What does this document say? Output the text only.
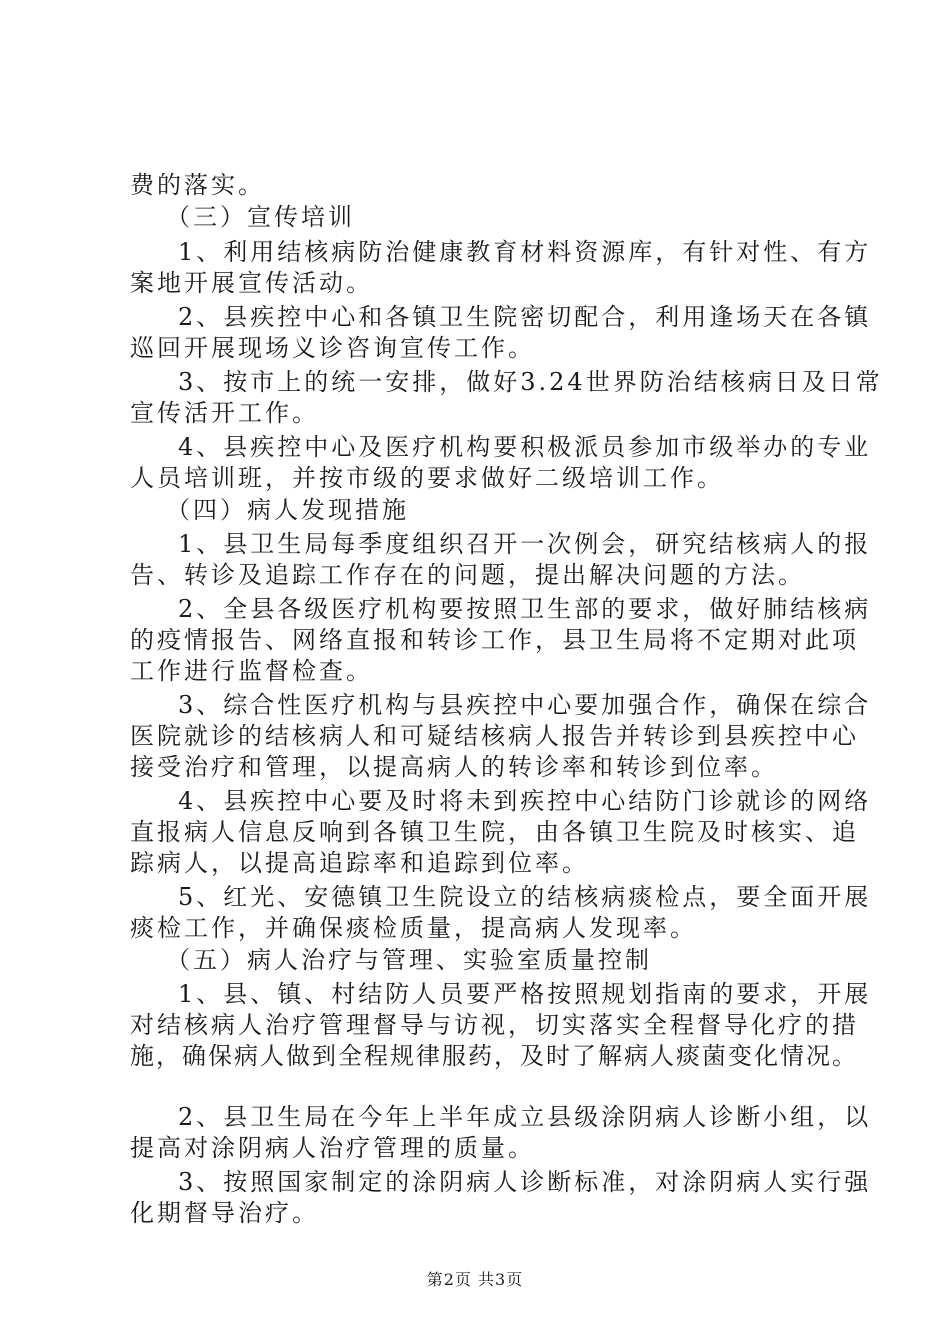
费的落实。
（三）宣传培训
1、利用结核病防治健康教育材料资源库，有针对性、有方
案地开展宣传活动。
2、县疾控中心和各镇卫生院密切配合，利用逢场天在各镇
巡回开展现场义诊咨询宣传工作。
3、按市上的统一安排，做好3.24世界防治结核病日及日常
宣传活开工作。
4、县疾控中心及医疗机构要积极派员参加市级举办的专业
人员培训班，并按市级的要求做好二级培训工作。
（四）病人发现措施
1、县卫生局每季度组织召开一次例会，研究结核病人的报
告、转诊及追踪工作存在的问题，提出解决问题的方法。
2、全县各级医疗机构要按照卫生部的要求，做好肺结核病
的疫情报告、网络直报和转诊工作，县卫生局将不定期对此项
工作进行监督检查。
3、综合性医疗机构与县疾控中心要加强合作，确保在综合
医院就诊的结核病人和可疑结核病人报告并转诊到县疾控中心
接受治疗和管理，以提高病人的转诊率和转诊到位率。
4、县疾控中心要及时将未到疾控中心结防门诊就诊的网络
直报病人信息反响到各镇卫生院，由各镇卫生院及时核实、追
踪病人，以提高追踪率和追踪到位率。
5、红光、安德镇卫生院设立的结核病痰检点，要全面开展
痰检工作，并确保痰检质量，提高病人发现率。
（五）病人治疗与管理、实验室质量控制
1、县、镇、村结防人员要严格按照规划指南的要求，开展
对结核病人治疗管理督导与访视，切实落实全程督导化疗的措
施，确保病人做到全程规律服药，及时了解病人痰菌变化情况。
2、县卫生局在今年上半年成立县级涂阴病人诊断小组，以
提高对涂阴病人治疗管理的质量。
3、按照国家制定的涂阴病人诊断标准，对涂阴病人实行强
化期督导治疗。
第2页 共3页
